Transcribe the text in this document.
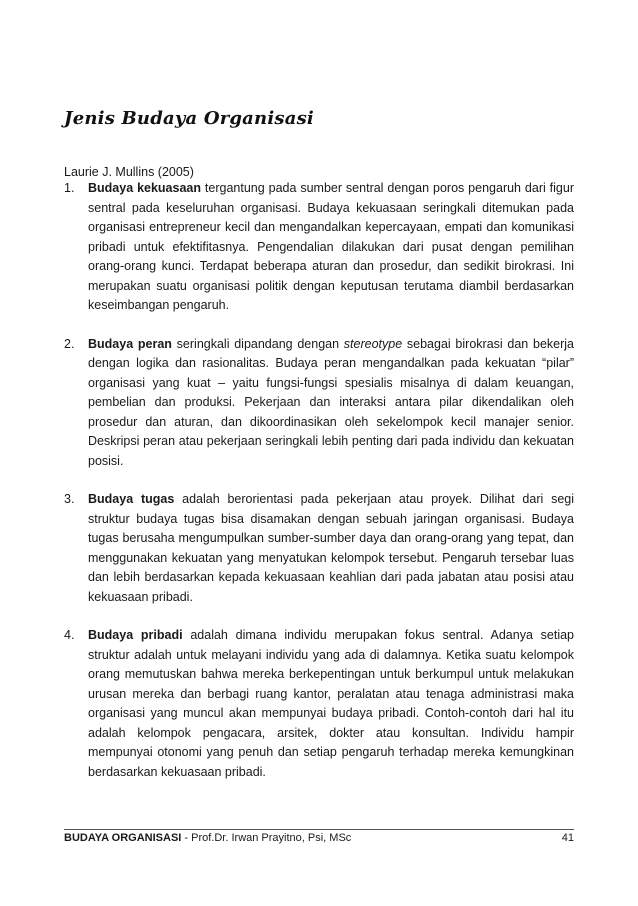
Jenis Budaya Organisasi

Laurie J. Mullins (2005)

1. Budaya kekuasaan tergantung pada sumber sentral dengan poros pengaruh dari figur sentral pada keseluruhan organisasi. Budaya kekuasaan seringkali ditemukan pada organisasi entrepreneur kecil dan mengandalkan kepercayaan, empati dan komunikasi pribadi untuk efektifitasnya. Pengendalian dilakukan dari pusat dengan pemilihan orang-orang kunci. Terdapat beberapa aturan dan prosedur, dan sedikit birokrasi. Ini merupakan suatu organisasi politik dengan keputusan terutama diambil berdasarkan keseimbangan pengaruh.
2. Budaya peran seringkali dipandang dengan stereotype sebagai birokrasi dan bekerja dengan logika dan rasionalitas. Budaya peran mengandalkan pada kekuatan “pilar” organisasi yang kuat – yaitu fungsi-fungsi spesialis misalnya di dalam keuangan, pembelian dan produksi. Pekerjaan dan interaksi antara pilar dikendalikan oleh prosedur dan aturan, dan dikoordinasikan oleh sekelompok kecil manajer senior. Deskripsi peran atau pekerjaan seringkali lebih penting dari pada individu dan kekuatan posisi.
3. Budaya tugas adalah berorientasi pada pekerjaan atau proyek. Dilihat dari segi struktur budaya tugas bisa disamakan dengan sebuah jaringan organisasi. Budaya tugas berusaha mengumpulkan sumber-sumber daya dan orang-orang yang tepat, dan menggunakan kekuatan yang menyatukan kelompok tersebut. Pengaruh tersebar luas dan lebih berdasarkan kepada kekuasaan keahlian dari pada jabatan atau posisi atau kekuasaan pribadi.
4. Budaya pribadi adalah dimana individu merupakan fokus sentral. Adanya setiap struktur adalah untuk melayani individu yang ada di dalamnya. Ketika suatu kelompok orang memutuskan bahwa mereka berkepentingan untuk berkumpul untuk melakukan urusan mereka dan berbagi ruang kantor, peralatan atau tenaga administrasi maka organisasi yang muncul akan mempunyai budaya pribadi. Contoh-contoh dari hal itu adalah kelompok pengacara, arsitek, dokter atau konsultan. Individu hampir mempunyai otonomi yang penuh dan setiap pengaruh terhadap mereka kemungkinan berdasarkan kekuasaan pribadi.
BUDAYA ORGANISASI - Prof.Dr. Irwan Prayitno, Psi, MSc	41
